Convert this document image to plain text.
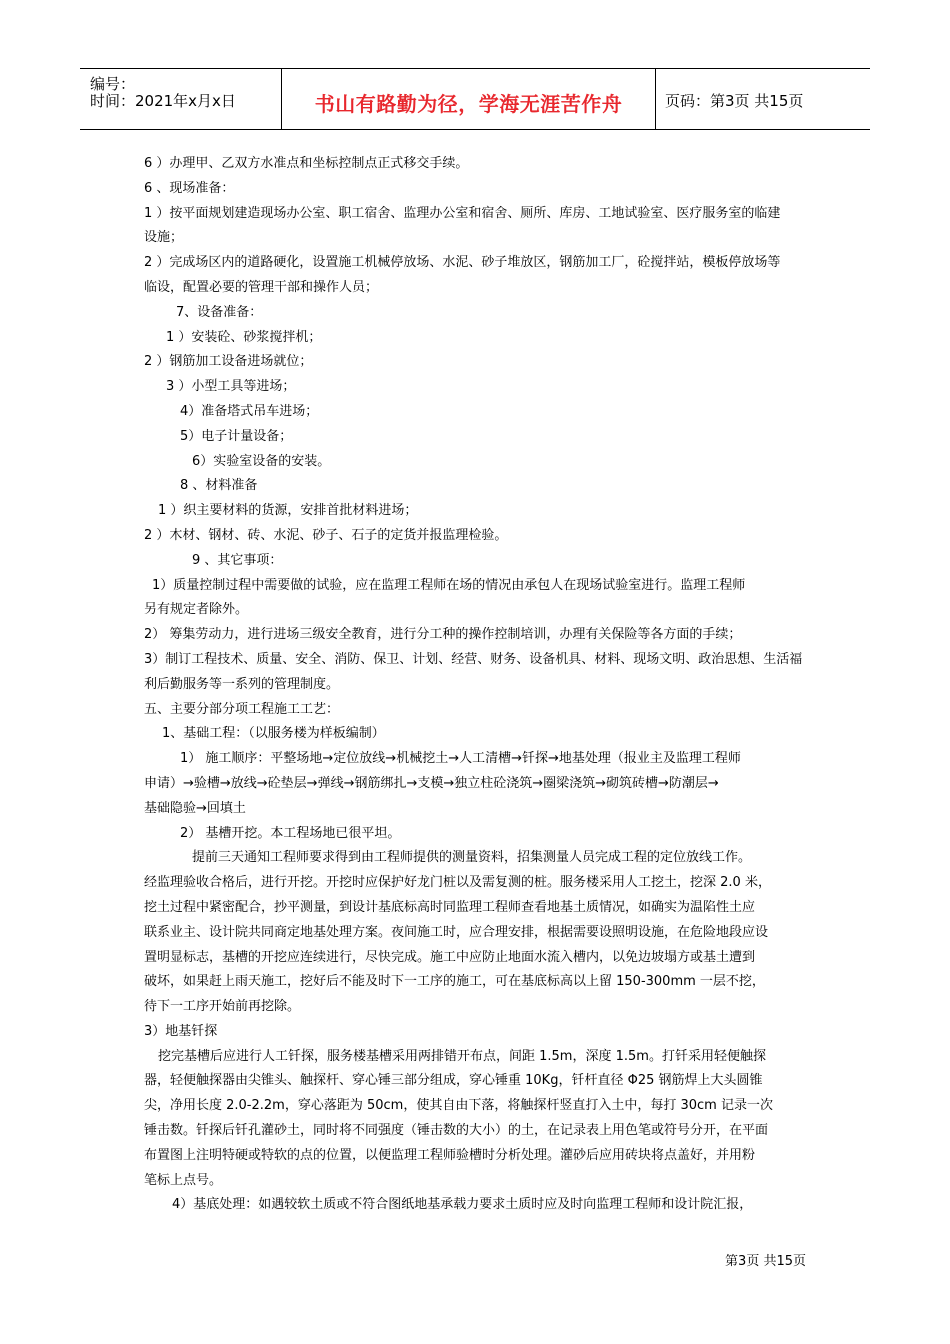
编号：
时间：2021年x月x日	书山有路勤为径，学海无涯苦作舟	页码：第3页 共15页

6 ）办理甲、乙双方水准点和坐标控制点正式移交手续。

6 、现场准备：

1 ）按平面规划建造现场办公室、职工宿舍、监理办公室和宿舍、厕所、库房、工地试验室、医疗服务室的临建

设施；

2 ）完成场区内的道路硬化，设置施工机械停放场、水泥、砂子堆放区，钢筋加工厂，砼搅拌站，模板停放场等

临设，配置必要的管理干部和操作人员；

7、设备准备：

1 ）安装砼、砂浆搅拌机；

2 ）钢筋加工设备进场就位；

3 ）小型工具等进场；

4）准备塔式吊车进场；

5）电子计量设备；

6）实验室设备的安装。

8 、材料准备

1 ）织主要材料的货源，安排首批材料进场；

2 ）木材、钢材、砖、水泥、砂子、石子的定货并报监理检验。

9 、其它事项：

1）质量控制过程中需要做的试验，应在监理工程师在场的情况由承包人在现场试验室进行。监理工程师

另有规定者除外。

2） 筹集劳动力，进行进场三级安全教育，进行分工种的操作控制培训，办理有关保险等各方面的手续；

3）制订工程技术、质量、安全、消防、保卫、计划、经营、财务、设备机具、材料、现场文明、政治思想、生活福

利后勤服务等一系列的管理制度。

五、主要分部分项工程施工工艺：

1、基础工程：（以服务楼为样板编制）

1） 施工顺序：平整场地→定位放线→机械挖土→人工清槽→钎探→地基处理（报业主及监理工程师

申请）→验槽→放线→砼垫层→弹线→钢筋绑扎→支模→独立柱砼浇筑→圈梁浇筑→砌筑砖槽→防潮层→

基础隐验→回填土

2） 基槽开挖。本工程场地已很平坦。

提前三天通知工程师要求得到由工程师提供的测量资料，招集测量人员完成工程的定位放线工作。

经监理验收合格后，进行开挖。开挖时应保护好龙门桩以及需复测的桩。服务楼采用人工挖土，挖深 2.0 米，

挖土过程中紧密配合，抄平测量，到设计基底标高时同监理工程师查看地基土质情况，如确实为温陷性土应

联系业主、设计院共同商定地基处理方案。夜间施工时，应合理安排，根据需要设照明设施，在危险地段应设

置明显标志，基槽的开挖应连续进行，尽快完成。施工中应防止地面水流入槽内，以免边坡塌方或基土遭到

破坏，如果赶上雨天施工，挖好后不能及时下一工序的施工，可在基底标高以上留 150-300mm 一层不挖，

待下一工序开始前再挖除。

3）地基钎探

挖完基槽后应进行人工钎探，服务楼基槽采用两排错开布点，间距 1.5m，深度 1.5m。打钎采用轻便触探

器，轻便触探器由尖锥头、触探杆、穿心锤三部分组成，穿心锤重 10Kg，钎杆直径 Φ25 钢筋焊上大头圆锥

尖，净用长度 2.0-2.2m，穿心落距为 50cm，使其自由下落，将触探杆竖直打入土中，每打 30cm 记录一次

锤击数。钎探后钎孔灌砂土，同时将不同强度（锤击数的大小）的土，在记录表上用色笔或符号分开，在平面

布置图上注明特硬或特软的点的位置，以便监理工程师验槽时分析处理。灌砂后应用砖块将点盖好，并用粉

笔标上点号。

4）基底处理：如遇较软土质或不符合图纸地基承载力要求土质时应及时向监理工程师和设计院汇报，

第3页 共15页
